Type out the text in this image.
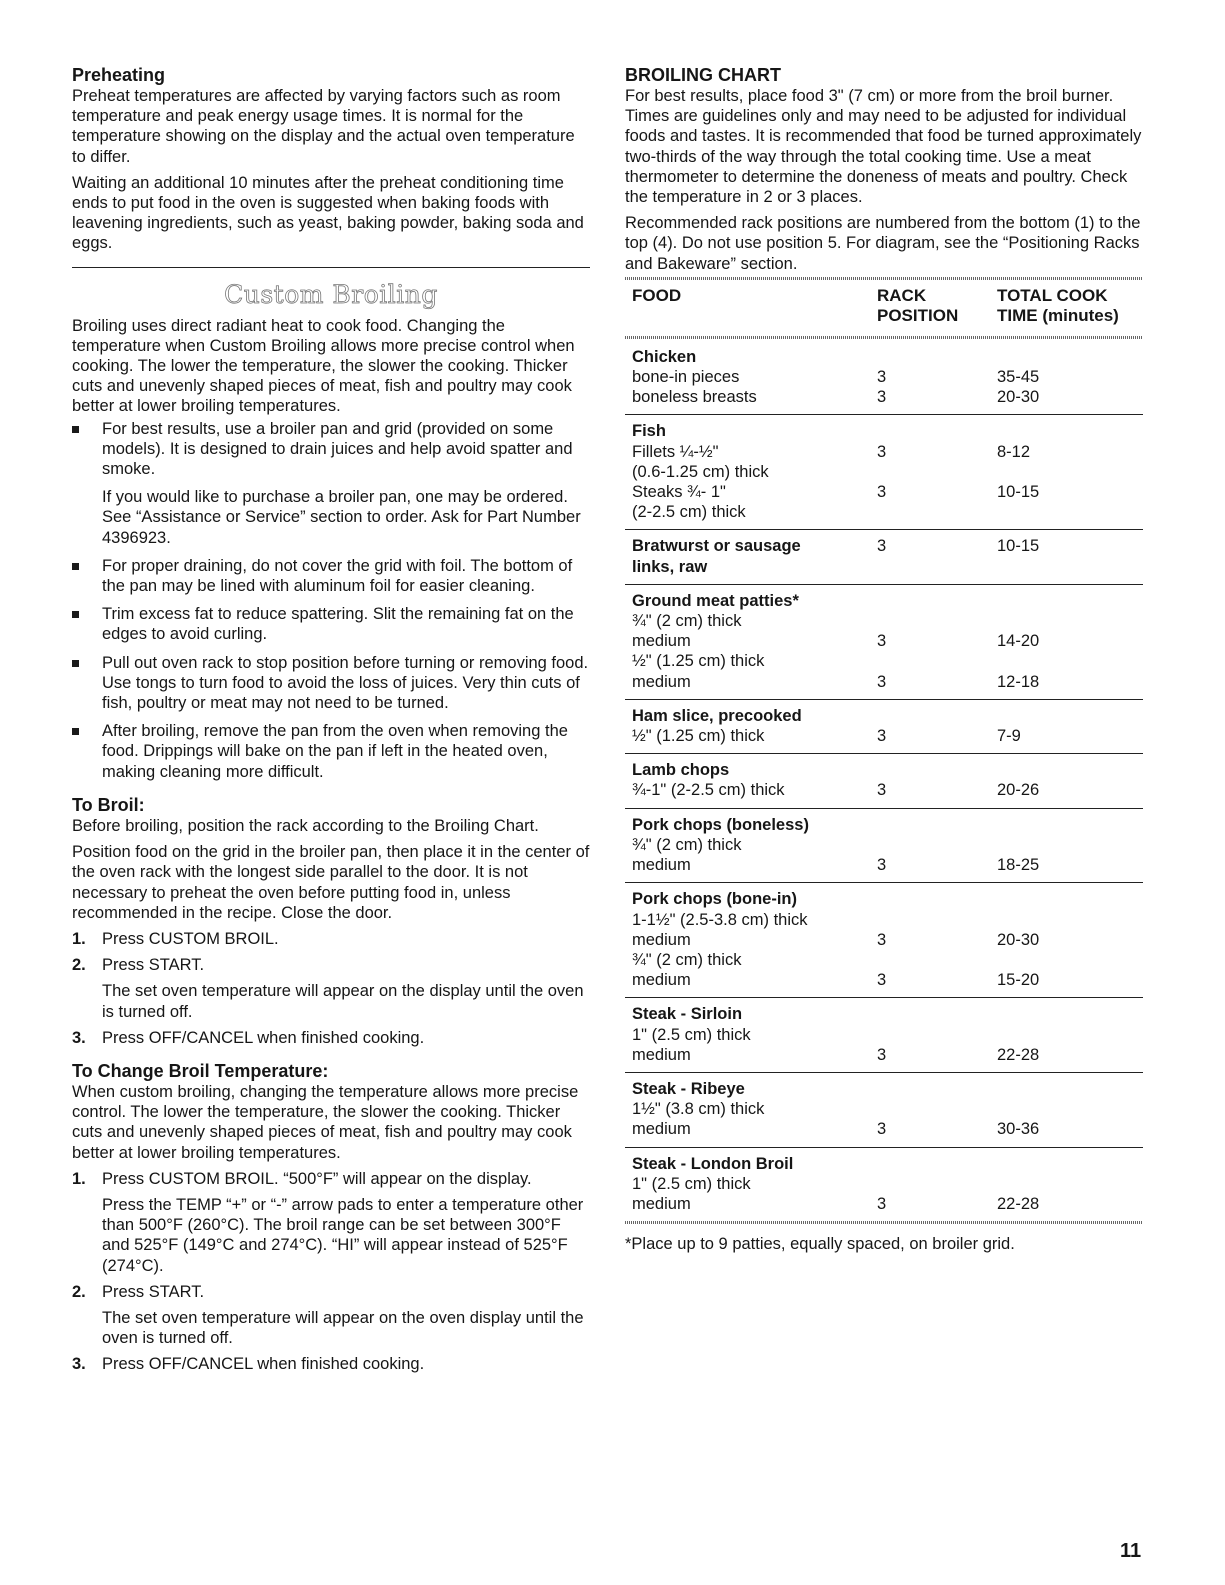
Preheating

Preheat temperatures are affected by varying factors such as room temperature and peak energy usage times. It is normal for the temperature showing on the display and the actual oven temperature to differ.

Waiting an additional 10 minutes after the preheat conditioning time ends to put food in the oven is suggested when baking foods with leavening ingredients, such as yeast, baking powder, baking soda and eggs.

Custom Broiling

Broiling uses direct radiant heat to cook food. Changing the temperature when Custom Broiling allows more precise control when cooking. The lower the temperature, the slower the cooking. Thicker cuts and unevenly shaped pieces of meat, fish and poultry may cook better at lower broiling temperatures.

For best results, use a broiler pan and grid (provided on some models). It is designed to drain juices and help avoid spatter and smoke.
If you would like to purchase a broiler pan, one may be ordered. See “Assistance or Service” section to order. Ask for Part Number 4396923.
For proper draining, do not cover the grid with foil. The bottom of the pan may be lined with aluminum foil for easier cleaning.
Trim excess fat to reduce spattering. Slit the remaining fat on the edges to avoid curling.
Pull out oven rack to stop position before turning or removing food. Use tongs to turn food to avoid the loss of juices. Very thin cuts of fish, poultry or meat may not need to be turned.
After broiling, remove the pan from the oven when removing the food. Drippings will bake on the pan if left in the heated oven, making cleaning more difficult.
To Broil:

Before broiling, position the rack according to the Broiling Chart.

Position food on the grid in the broiler pan, then place it in the center of the oven rack with the longest side parallel to the door. It is not necessary to preheat the oven before putting food in, unless recommended in the recipe. Close the door.

1. Press CUSTOM BROIL.
2. Press START.
The set oven temperature will appear on the display until the oven is turned off.
3. Press OFF/CANCEL when finished cooking.
To Change Broil Temperature:

When custom broiling, changing the temperature allows more precise control. The lower the temperature, the slower the cooking. Thicker cuts and unevenly shaped pieces of meat, fish and poultry may cook better at lower broiling temperatures.

1. Press CUSTOM BROIL. “500°F” will appear on the display.
Press the TEMP “+” or “-” arrow pads to enter a temperature other than 500°F (260°C). The broil range can be set between 300°F and 525°F (149°C and 274°C). “HI” will appear instead of 525°F (274°C).
2. Press START.
The set oven temperature will appear on the oven display until the oven is turned off.
3. Press OFF/CANCEL when finished cooking.
BROILING CHART

For best results, place food 3" (7 cm) or more from the broil burner. Times are guidelines only and may need to be adjusted for individual foods and tastes. It is recommended that food be turned approximately two-thirds of the way through the total cooking time. Use a meat thermometer to determine the doneness of meats and poultry. Check the temperature in 2 or 3 places.

Recommended rack positions are numbered from the bottom (1) to the top (4). Do not use position 5. For diagram, see the “Positioning Racks and Bakeware” section.

FOOD	RACK
POSITION
TOTAL COOK
TIME (minutes)
Chicken
bone-in pieces	3	35-45
boneless breasts	3	20-30
Fish
Fillets ¼-½"	3	8-12
(0.6-1.25 cm) thick
Steaks ¾- 1"	3	10-15
(2-2.5 cm) thick
Bratwurst or sausage	3	10-15
links, raw
Ground meat patties*
¾" (2 cm) thick
medium	3	14-20
½" (1.25 cm) thick
medium	3	12-18
Ham slice, precooked
½" (1.25 cm) thick	3	7-9
Lamb chops
¾-1" (2-2.5 cm) thick	3	20-26
Pork chops (boneless)
¾" (2 cm) thick
medium	3	18-25
Pork chops (bone-in)
1-1½" (2.5-3.8 cm) thick
medium	3	20-30
¾" (2 cm) thick
medium	3	15-20
Steak - Sirloin
1" (2.5 cm) thick
medium	3	22-28
Steak - Ribeye
1½" (3.8 cm) thick
medium	3	30-36
Steak - London Broil
1" (2.5 cm) thick
medium	3	22-28
*Place up to 9 patties, equally spaced, on broiler grid.
11
